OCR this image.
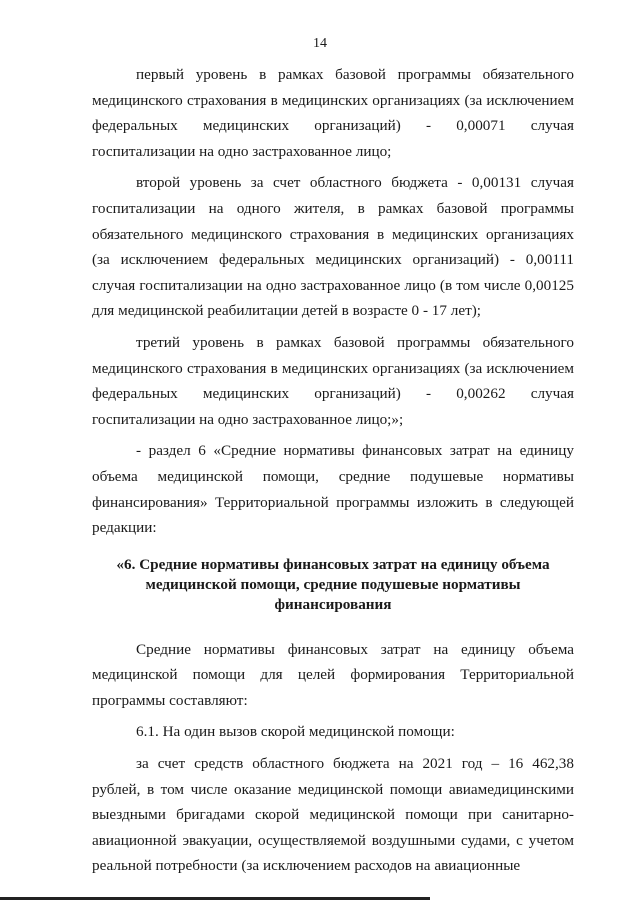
14

первый уровень в рамках базовой программы обязательного медицинского страхования в медицинских организациях (за исключением федеральных медицинских организаций) - 0,00071 случая госпитализации на одно застрахованное лицо;

второй уровень за счет областного бюджета - 0,00131 случая госпитализации на одного жителя, в рамках базовой программы обязательного медицинского страхования в медицинских организациях (за исключением федеральных медицинских организаций) - 0,00111 случая госпитализации на одно застрахованное лицо (в том числе 0,00125 для медицинской реабилитации детей в возрасте 0 - 17 лет);

третий уровень в рамках базовой программы обязательного медицинского страхования в медицинских организациях (за исключением федеральных медицинских организаций) - 0,00262 случая госпитализации на одно застрахованное лицо;»;

- раздел 6 «Средние нормативы финансовых затрат на единицу объема медицинской помощи, средние подушевые нормативы финансирования» Территориальной программы изложить в следующей редакции:

«6. Средние нормативы финансовых затрат на единицу объема
медицинской помощи, средние подушевые нормативы
финансирования

Средние нормативы финансовых затрат на единицу объема медицинской помощи для целей формирования Территориальной программы составляют:

6.1. На один вызов скорой медицинской помощи:

за счет средств областного бюджета на 2021 год – 16 462,38 рублей, в том числе оказание медицинской помощи авиамедицинскими выездными бригадами скорой медицинской помощи при санитарно-авиационной эвакуации, осуществляемой воздушными судами, с учетом реальной потребности (за исключением расходов на авиационные
